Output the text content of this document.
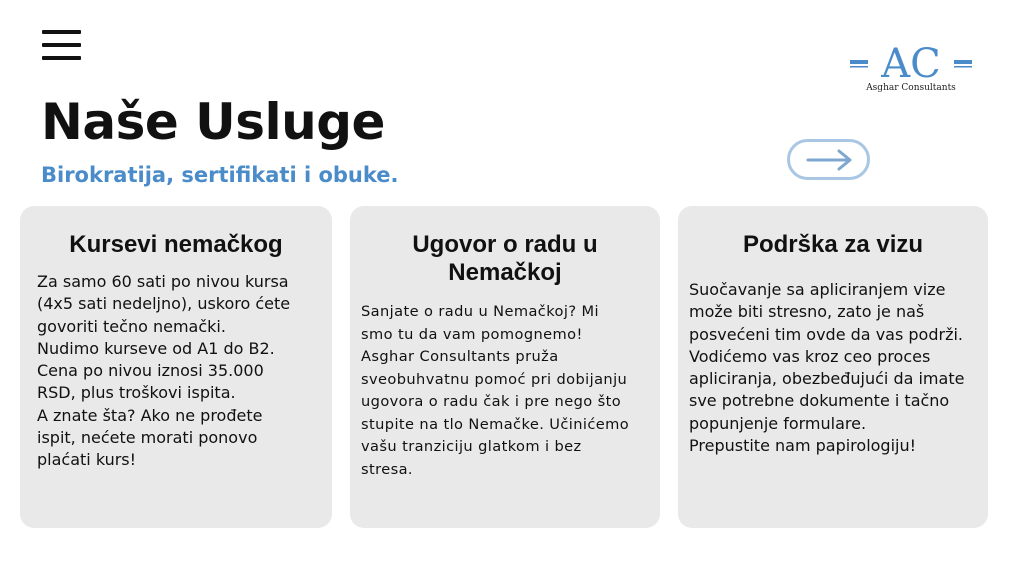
AC
Asghar Consultants
Naše Usluge

Birokratija, sertifikati i obuke.

Kursevi nemačkog

Za samo 60 sati po nivou kursa
(4x5 sati nedeljno), uskoro ćete
govoriti tečno nemački.
Nudimo kurseve od A1 do B2.
Cena po nivou iznosi 35.000
RSD, plus troškovi ispita.
A znate šta? Ako ne prođete
ispit, nećete morati ponovo
plaćati kurs!

Ugovor o radu u Nemačkoj

Sanjate o radu u Nemačkoj? Mi
smo tu da vam pomognemo!
Asghar Consultants pruža
sveobuhvatnu pomoć pri dobijanju
ugovora o radu čak i pre nego što
stupite na tlo Nemačke. Učinićemo
vašu tranziciju glatkom i bez
stresa.

Podrška za vizu

Suočavanje sa apliciranjem vize
može biti stresno, zato je naš
posvećeni tim ovde da vas podrži.
Vodićemo vas kroz ceo proces
apliciranja, obezbeđujući da imate
sve potrebne dokumente i tačno
popunjenje formulare.
Prepustite nam papirologiju!
